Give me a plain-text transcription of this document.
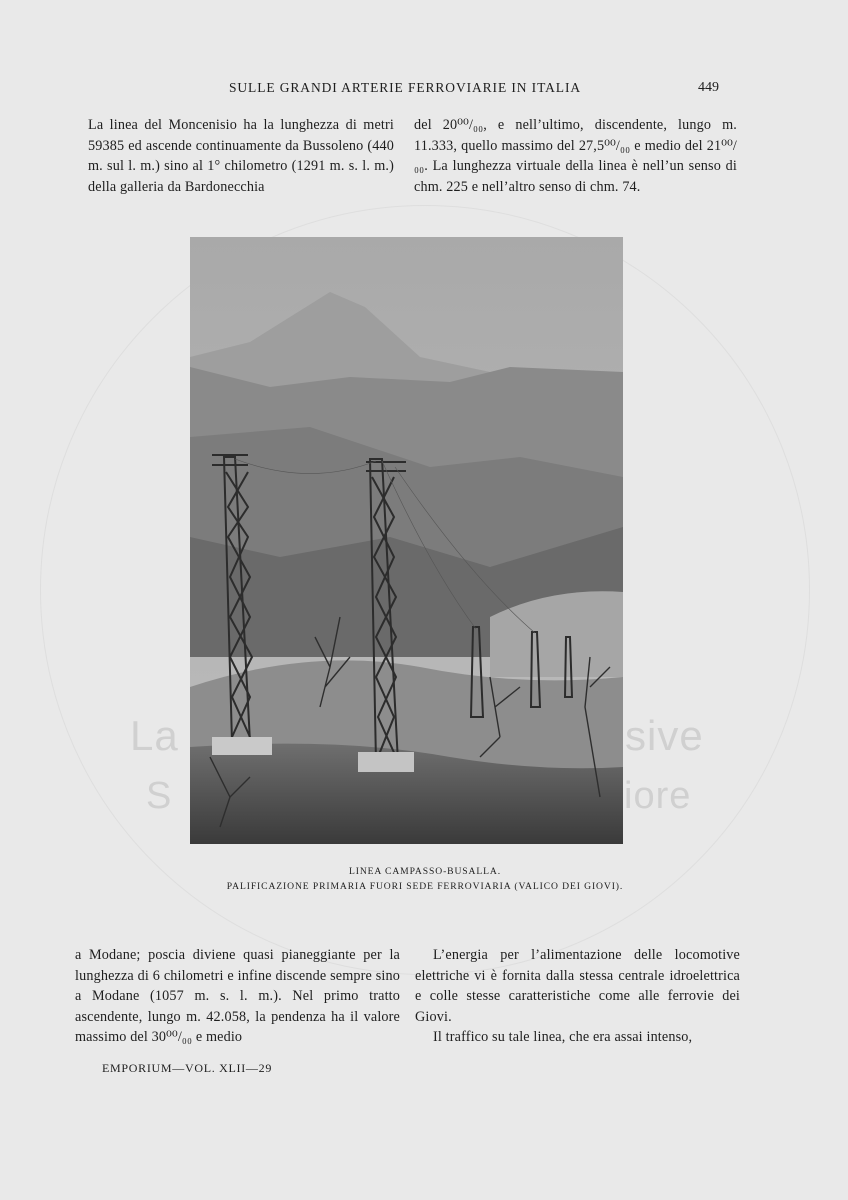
La	sive
S	iore
SULLE GRANDI ARTERIE FERROVIARIE IN ITALIA	449

La linea del Moncenisio ha la lunghezza di metri 59385 ed ascende continuamente da Bussoleno (440 m. sul l. m.) sino al 1° chilometro (1291 m. s. l. m.) della galleria da Bardonecchia

del 20⁰⁰/₀₀, e nell’ultimo, discendente, lungo m. 11.333, quello massimo del 27,5⁰⁰/₀₀ e medio del 21⁰⁰/₀₀. La lunghezza virtuale della linea è nell’un senso di chm. 225 e nell’altro senso di chm. 74.

LINEA CAMPASSO-BUSALLA.
PALIFICAZIONE PRIMARIA FUORI SEDE FERROVIARIA (VALICO DEI GIOVI).

a Modane; poscia diviene quasi pianeggiante per la lunghezza di 6 chilometri e infine discende sempre sino a Modane (1057 m. s. l. m.). Nel primo tratto ascendente, lungo m. 42.058, la pendenza ha il valore massimo del 30⁰⁰/₀₀ e medio

L’energia per l’alimentazione delle locomotive elettriche vi è fornita dalla stessa centrale idroelettrica e colle stesse caratteristiche come alle ferrovie dei Giovi.

Il traffico su tale linea, che era assai intenso,

EMPORIUM—VOL. XLII—29
